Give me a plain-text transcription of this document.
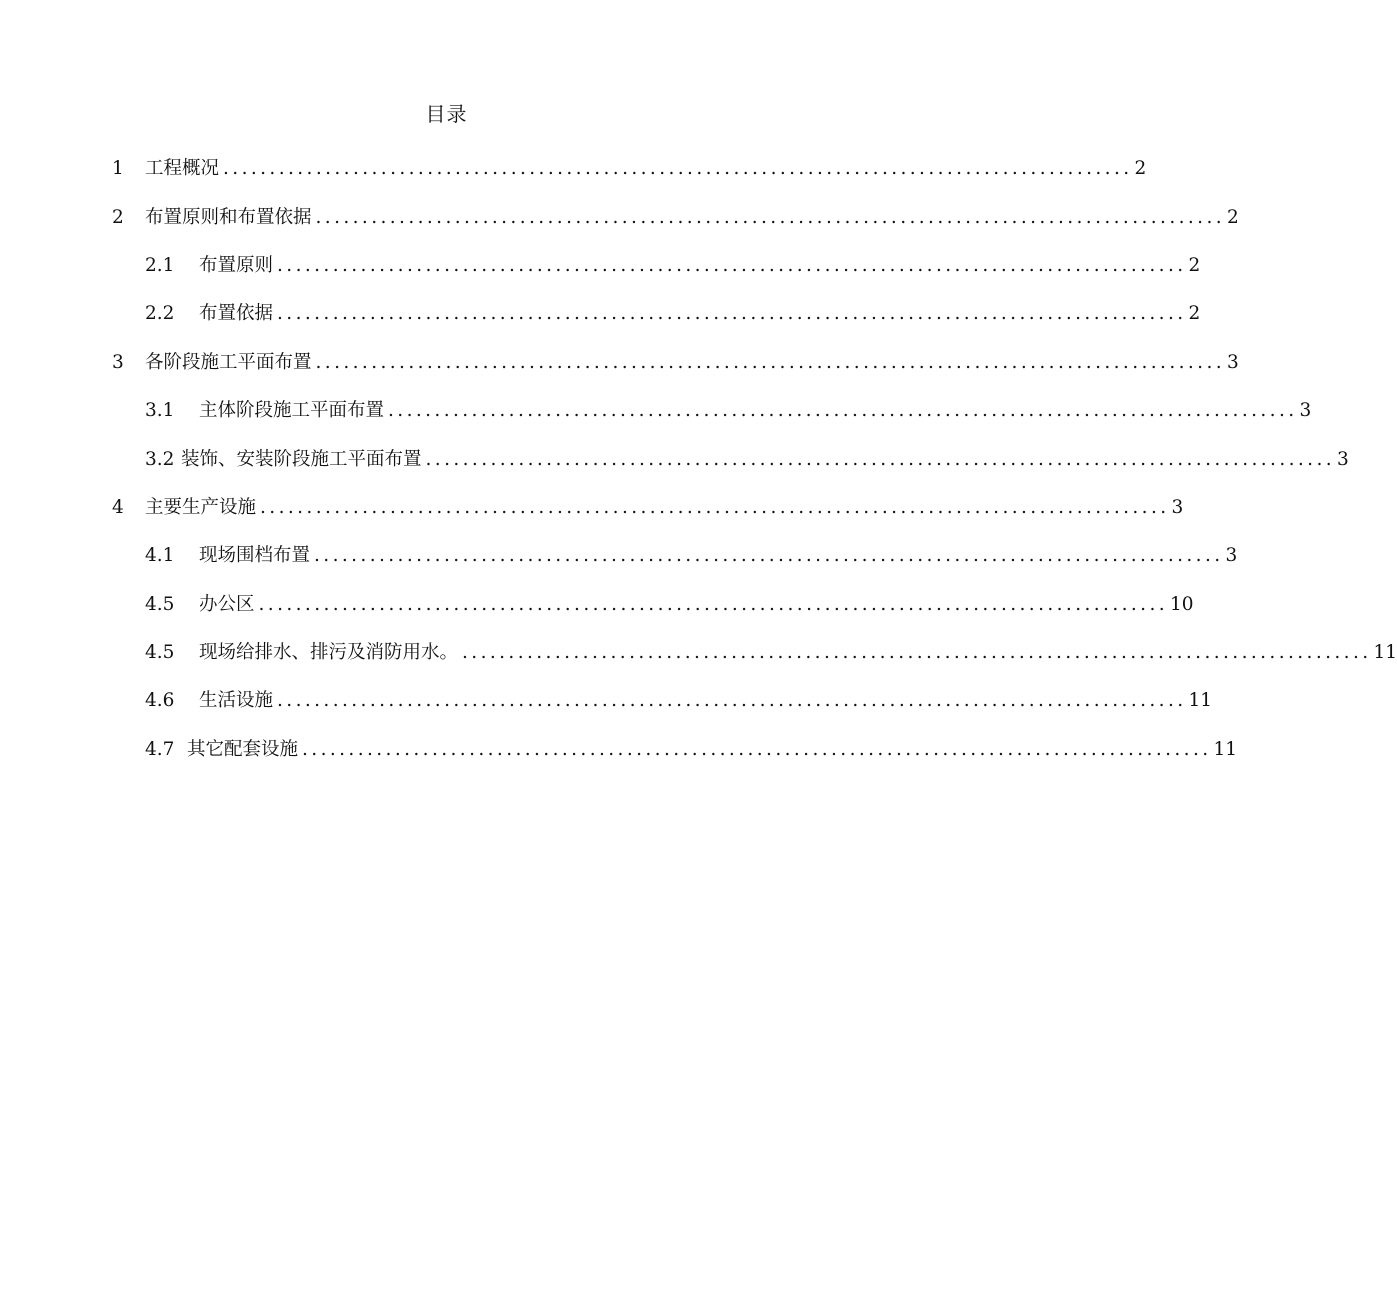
目录
1	工程概况 .................................................................................................. 2
2	布置原则和布置依据 .................................................................................................. 2
2.1	布置原则 .................................................................................................. 2
2.2	布置依据 .................................................................................................. 2
3	各阶段施工平面布置 .................................................................................................. 3
3.1	主体阶段施工平面布置 .................................................................................................. 3
3.2 装饰、安装阶段施工平面布置 .................................................................................................. 3
4	主要生产设施 .................................................................................................. 3
4.1	现场围档布置 .................................................................................................. 3
4.5	办公区 .................................................................................................. 10
4.5	现场给排水、排污及消防用水。 .................................................................................................. 11
4.6	生活设施 .................................................................................................. 11
4.7 其它配套设施 .................................................................................................. 11
